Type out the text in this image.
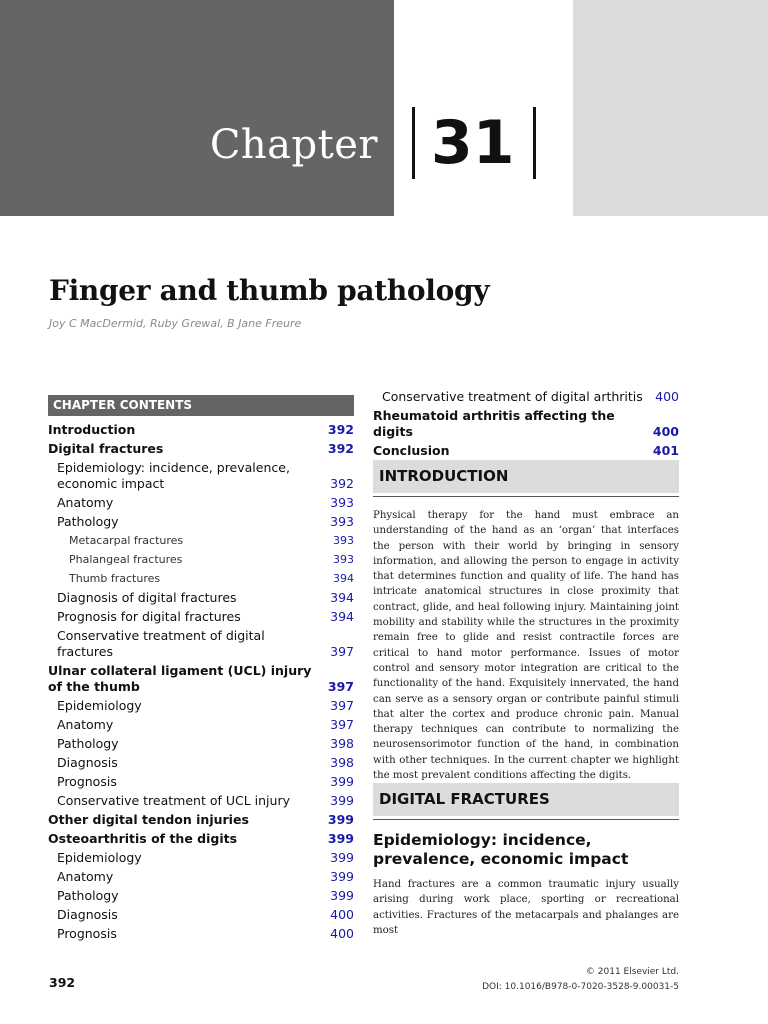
Chapter 31
Finger and thumb pathology
Joy C MacDermid, Ruby Grewal, B Jane Freure
CHAPTER CONTENTS
Introduction	392
Digital fractures	392
Epidemiology: incidence, prevalence, economic impact	392
Anatomy	393
Pathology	393
Metacarpal fractures	393
Phalangeal fractures	393
Thumb fractures	394
Diagnosis of digital fractures	394
Prognosis for digital fractures	394
Conservative treatment of digital fractures	397
Ulnar collateral ligament (UCL) injury of the thumb	397
Epidemiology	397
Anatomy	397
Pathology	398
Diagnosis	398
Prognosis	399
Conservative treatment of UCL injury	399
Other digital tendon injuries	399
Osteoarthritis of the digits	399
Epidemiology	399
Anatomy	399
Pathology	399
Diagnosis	400
Prognosis	400
Conservative treatment of digital arthritis 400
Rheumatoid arthritis affecting the digits	400
Conclusion	401
INTRODUCTION

Physical therapy for the hand must embrace an understanding of the hand as an ‘organ’ that interfaces the person with their world by bringing in sensory information, and allowing the person to engage in activity that determines function and quality of life. The hand has intricate anatomical structures in close proximity that contract, glide, and heal following injury. Maintaining joint mobility and stability while the structures in the proximity remain free to glide and resist contractile forces are critical to hand motor performance. Issues of motor control and sensory motor integration are critical to the functionality of the hand. Exquisitely innervated, the hand can serve as a sensory organ or contribute painful stimuli that alter the cortex and produce chronic pain. Manual therapy techniques can contribute to normalizing the neurosensorimotor function of the hand, in combination with other techniques. In the current chapter we highlight the most prevalent conditions affecting the digits.

DIGITAL FRACTURES
Epidemiology: incidence, prevalence, economic impact

Hand fractures are a common traumatic injury usually arising during work place, sporting or recreational activities. Fractures of the metacarpals and phalanges are most

392
© 2011 Elsevier Ltd.
DOI: 10.1016/B978-0-7020-3528-9.00031-5
